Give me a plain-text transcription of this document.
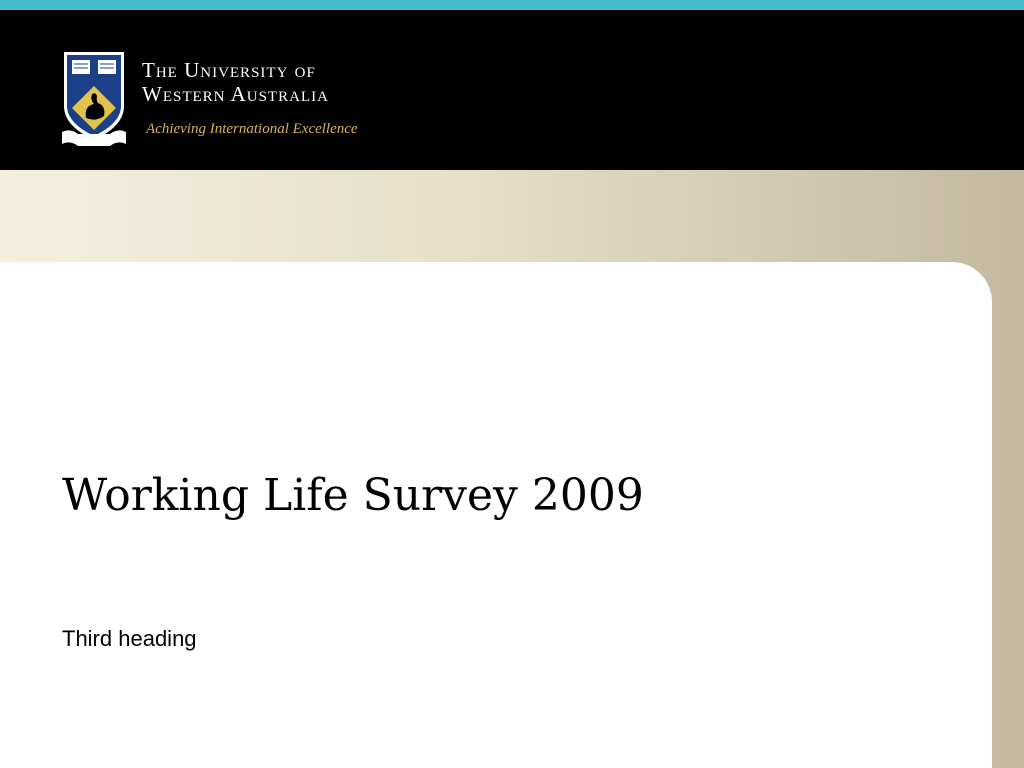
The University of
Western Australia
Achieving International Excellence
Working Life Survey 2009
Third heading
